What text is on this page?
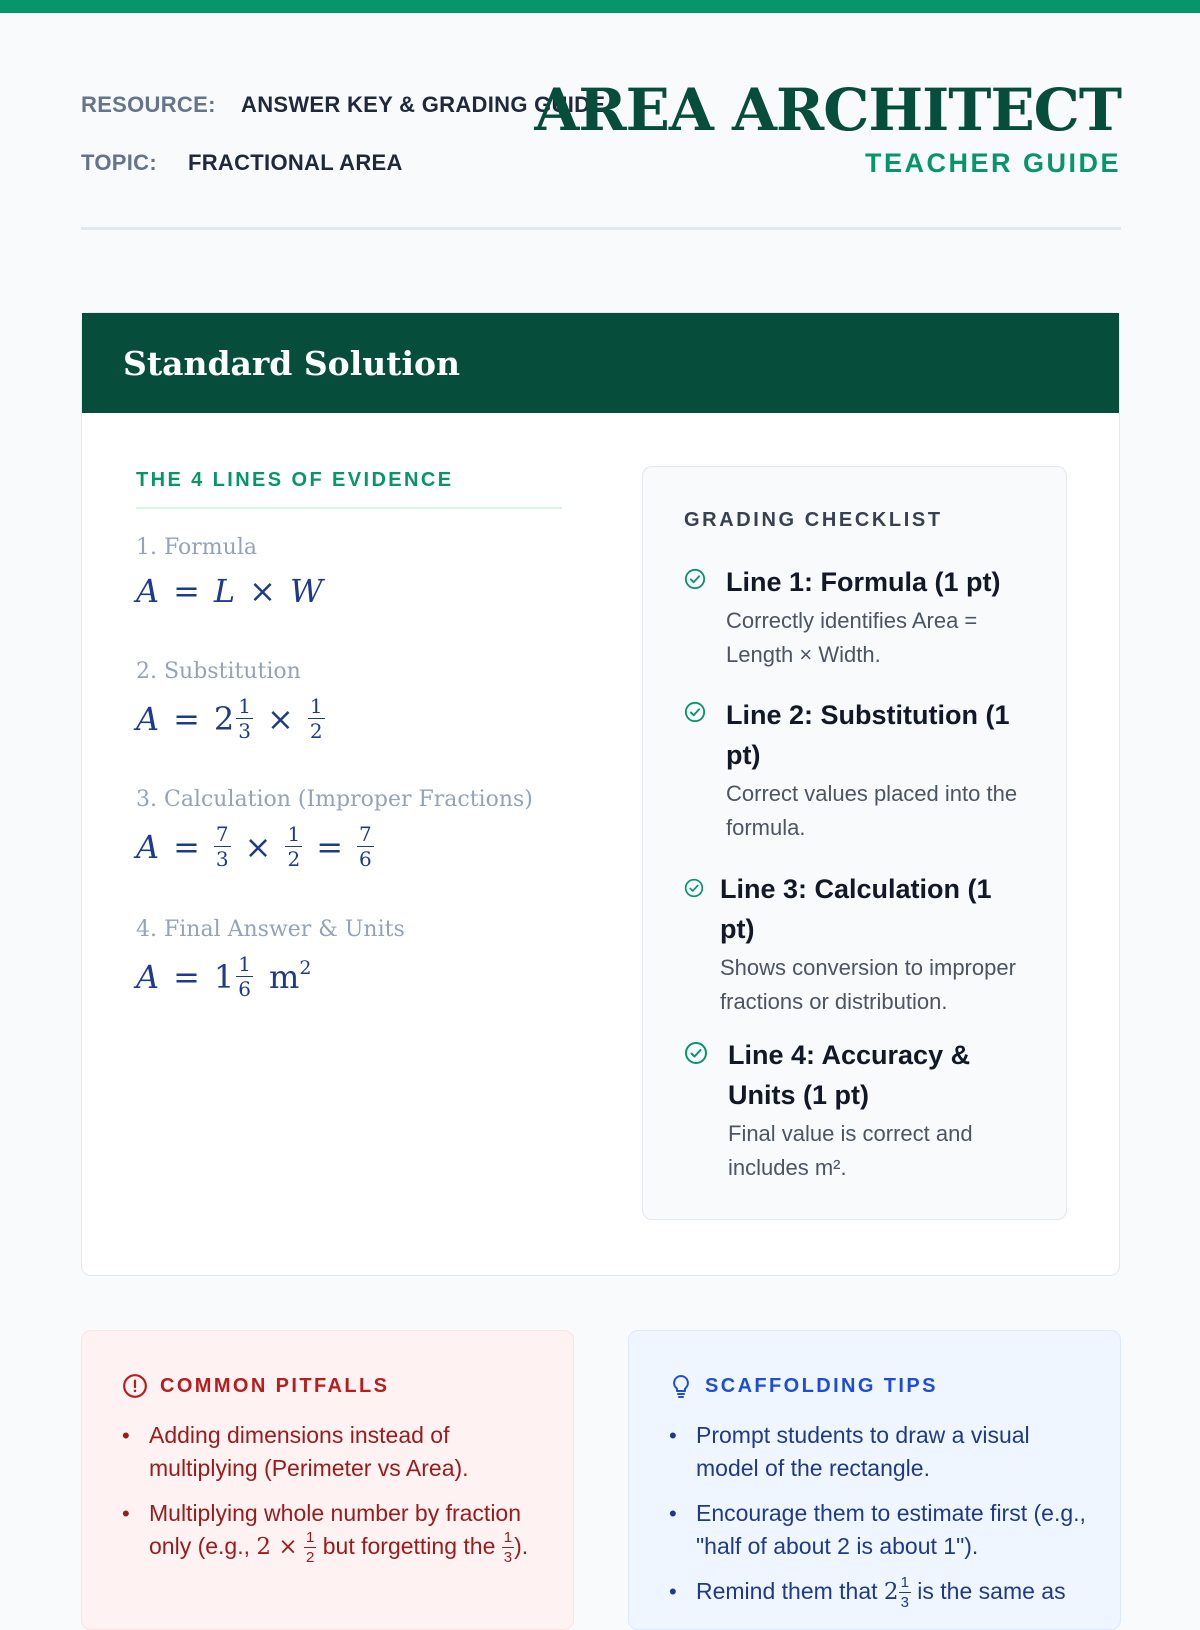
RESOURCE: ANSWER KEY & GRADING GUIDE
TOPIC: FRACTIONAL AREA
AREA ARCHITECT
TEACHER GUIDE
Standard Solution
THE 4 LINES OF EVIDENCE
1. Formula
A = L × W
2. Substitution
$A = 2 \frac{1}{3} \times \frac{1}{2}$
3. Calculation (Improper Fractions)
$A = \frac{7}{3} \times \frac{1}{2} = \frac{7}{6}$
4. Final Answer & Units
$A = 1 \frac{1}{6} m^2$
GRADING CHECKLIST
Line 1: Formula (1 pt)
Correctly identifies Area = Length × Width.
Line 2: Substitution (1 pt)
Correct values placed into the formula.
Line 3: Calculation (1 pt)
Shows conversion to improper fractions or distribution.
Line 4: Accuracy & Units (1 pt)
Final value is correct and includes m².
COMMON PITFALLS
• Adding dimensions instead of multiplying (Perimeter vs Area).
• Multiplying whole number by fraction only (e.g., $2 \times \frac{1}{2}$ but forgetting the $\frac{1}{3}$ ).
SCAFFOLDING TIPS
• Prompt students to draw a visual model of the rectangle.
• Encourage them to estimate first (e.g., "half of about 2 is about 1").
• Remind them that $2 \frac{1}{3}$ is the same as
